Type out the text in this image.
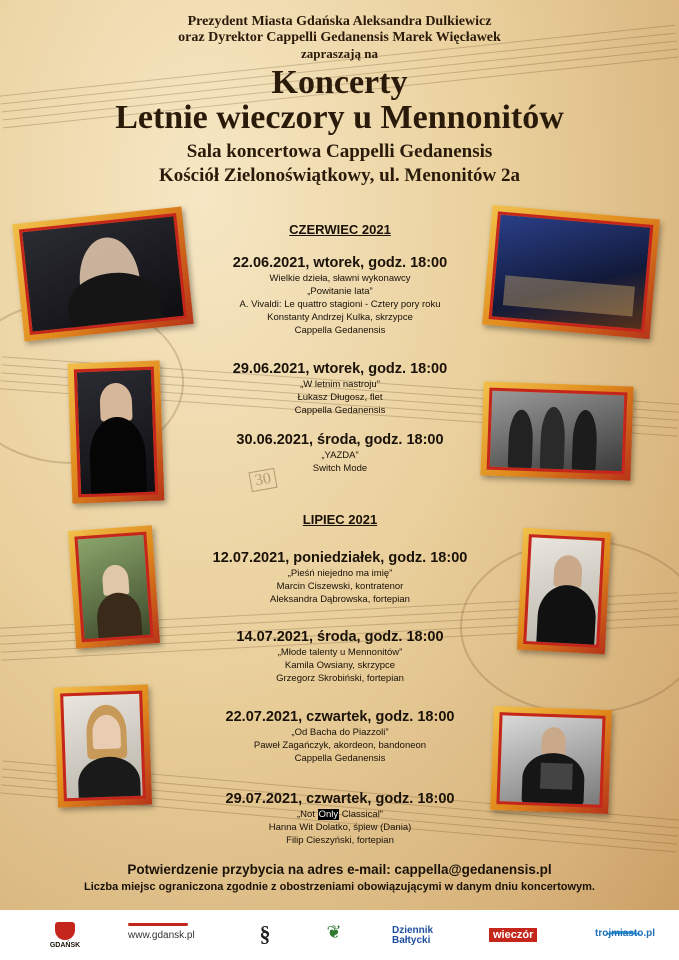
30
Prezydent Miasta Gdańska Aleksandra Dulkiewicz
oraz Dyrektor Cappelli Gedanensis Marek Więcławek
zapraszają na
Koncerty
Letnie wieczory u Mennonitów
Sala koncertowa Cappelli Gedanensis
Kościół Zielonoświątkowy, ul. Menonitów 2a
CZERWIEC 2021
22.06.2021, wtorek, godz. 18:00
Wielkie dzieła, sławni wykonawcy
„Powitanie lata”
A. Vivaldi: Le quattro stagioni - Cztery pory roku
Konstanty Andrzej Kulka, skrzypce
Cappella Gedanensis
29.06.2021, wtorek, godz. 18:00
„W letnim nastroju”
Łukasz Długosz, flet
Cappella Gedanensis
30.06.2021, środa, godz. 18:00
„YAZDA”
Switch Mode
LIPIEC 2021
12.07.2021, poniedziałek, godz. 18:00
„Pieśń niejedno ma imię”
Marcin Ciszewski, kontratenor
Aleksandra Dąbrowska, fortepian
14.07.2021, środa, godz. 18:00
„Młode talenty u Mennonitów”
Kamila Owsiany, skrzypce
Grzegorz Skrobiński, fortepian
22.07.2021, czwartek, godz. 18:00
„Od Bacha do Piazzoli”
Paweł Zagańczyk, akordeon, bandoneon
Cappella Gedanensis
29.07.2021, czwartek, godz. 18:00
„Not Only Classical”
Hanna Wit Dolatko, śpiew (Dania)
Filip Cieszyński, fortepian
Potwierdzenie przybycia na adres e-mail: cappella@gedanensis.pl
Liczba miejsc ograniczona zgodnie z obostrzeniami obowiązującymi w danym dniu koncertowym.
GDAŃSK
www.gdansk.pl	§	❦	Dziennik
Bałtycki	wieczór	trojmiasto.pl
